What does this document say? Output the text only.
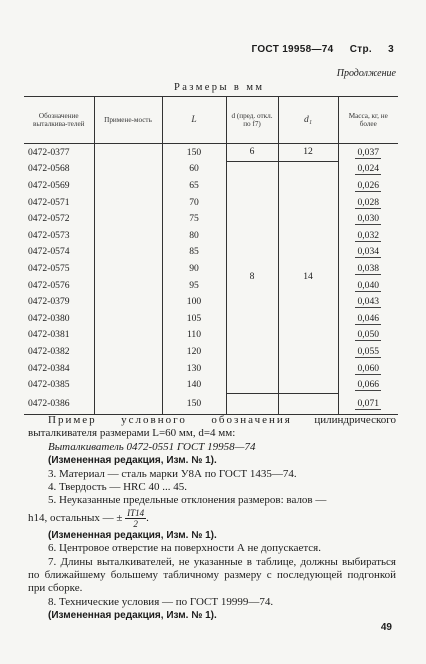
ГОСТ 19958—74 Стр. 3
Продолжение
Размеры в мм
Обозначение выталкива-телей	Примене-мость	L	d (пред. откл. по f7)	d₁	Масса, кг, не более
0472-0377		150	6	12	0,037
0472-0568		60	8	14	0,024
0472-0569		65			0,026
0472-0571		70			0,028
0472-0572		75			0,030
0472-0573		80			0,032
0472-0574		85			0,034
0472-0575		90			0,038
0472-0576		95			0,040
0472-0379		100			0,043
0472-0380		105			0,046
0472-0381		110			0,050
0472-0382		120			0,055
0472-0384		130			0,060
0472-0385		140			0,066
0472-0386		150			0,071

Пример условного обозначения цилиндрического

выталкивателя размерами L=60 мм, d=4 мм:

Выталкиватель 0472-0551 ГОСТ 19958—74

(Измененная редакция, Изм. № 1).

3. Материал — сталь марки У8А по ГОСТ 1435—74.

4. Твердость — HRC 40 ... 45.

5. Неуказанные предельные отклонения размеров: валов —

h14, остальных — ± $\frac{IT14}{2}$ .

(Измененная редакция, Изм. № 1).

6. Центровое отверстие на поверхности А не допускается.

7. Длины выталкивателей, не указанные в таблице, должны выбираться по ближайшему большему табличному размеру с последующей подгонкой при сборке.

8. Технические условия — по ГОСТ 19999—74.

(Измененная редакция, Изм. № 1).

49
